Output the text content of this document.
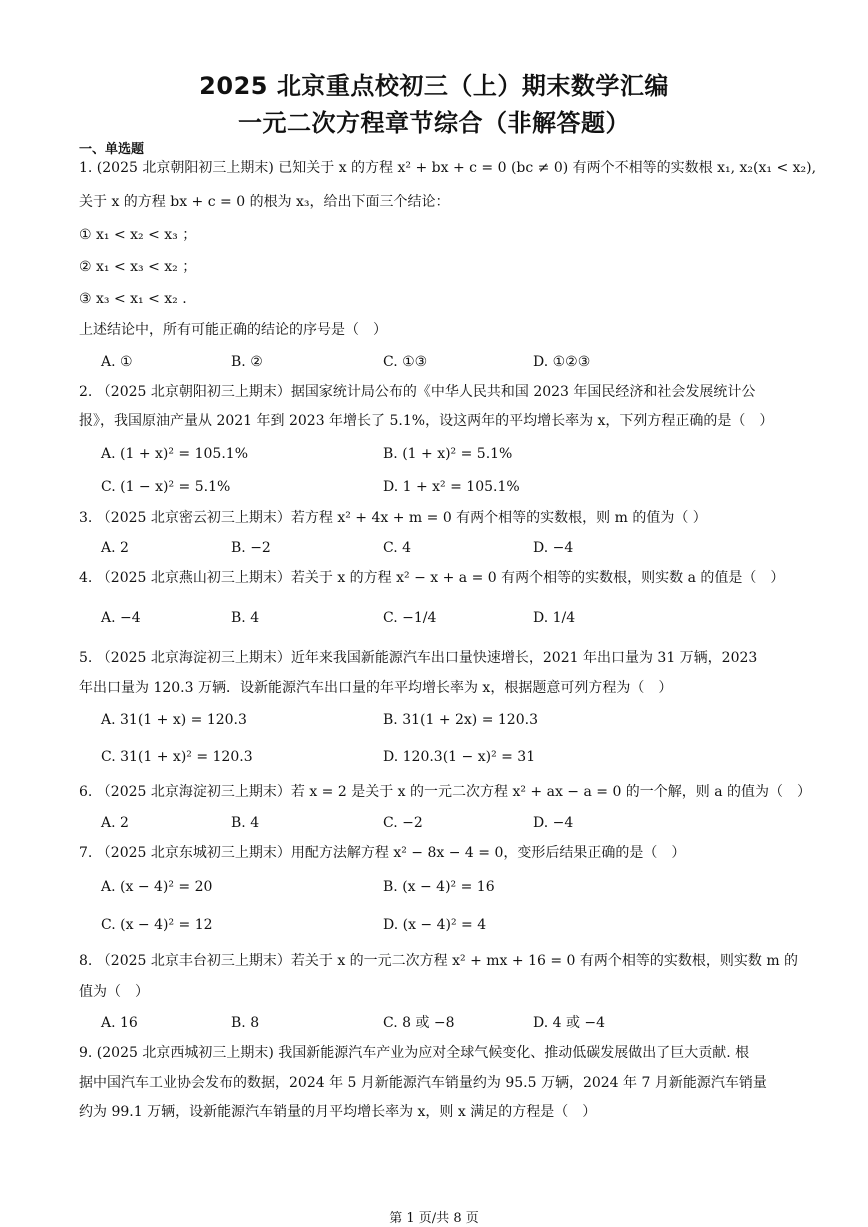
2025 北京重点校初三（上）期末数学汇编
一元二次方程章节综合（非解答题）
一、单选题
1. (2025 北京朝阳初三上期末) 已知关于 x 的方程 x² + bx + c = 0 (bc ≠ 0) 有两个不相等的实数根 x₁, x₂(x₁ < x₂),
关于 x 的方程 bx + c = 0 的根为 x₃，给出下面三个结论：
① x₁ < x₂ < x₃ ；
② x₁ < x₃ < x₂ ；
③ x₃ < x₁ < x₂ .
上述结论中，所有可能正确的结论的序号是（　）
A. ①	B. ②	C. ①③	D. ①②③
2. （2025 北京朝阳初三上期末）据国家统计局公布的《中华人民共和国 2023 年国民经济和社会发展统计公
报》，我国原油产量从 2021 年到 2023 年增长了 5.1%，设这两年的平均增长率为 x，下列方程正确的是（　）
A. (1 + x)² = 105.1%	B. (1 + x)² = 5.1%
C. (1 − x)² = 5.1%	D. 1 + x² = 105.1%
3. （2025 北京密云初三上期末）若方程 x² + 4x + m = 0 有两个相等的实数根，则 m 的值为（ ）
A. 2	B. −2	C. 4	D. −4
4. （2025 北京燕山初三上期末）若关于 x 的方程 x² − x + a = 0 有两个相等的实数根，则实数 a 的值是（　）
A. −4	B. 4	C. −1/4	D. 1/4
5. （2025 北京海淀初三上期末）近年来我国新能源汽车出口量快速增长，2021 年出口量为 31 万辆，2023
年出口量为 120.3 万辆．设新能源汽车出口量的年平均增长率为 x，根据题意可列方程为（　）
A. 31(1 + x) = 120.3	B. 31(1 + 2x) = 120.3
C. 31(1 + x)² = 120.3	D. 120.3(1 − x)² = 31
6. （2025 北京海淀初三上期末）若 x = 2 是关于 x 的一元二次方程 x² + ax − a = 0 的一个解，则 a 的值为（　）
A. 2	B. 4	C. −2	D. −4
7. （2025 北京东城初三上期末）用配方法解方程 x² − 8x − 4 = 0，变形后结果正确的是（　）
A. (x − 4)² = 20	B. (x − 4)² = 16
C. (x − 4)² = 12	D. (x − 4)² = 4
8. （2025 北京丰台初三上期末）若关于 x 的一元二次方程 x² + mx + 16 = 0 有两个相等的实数根，则实数 m 的
值为（　）
A. 16	B. 8	C. 8 或 −8	D. 4 或 −4
9. (2025 北京西城初三上期末) 我国新能源汽车产业为应对全球气候变化、推动低碳发展做出了巨大贡献. 根
据中国汽车工业协会发布的数据，2024 年 5 月新能源汽车销量约为 95.5 万辆，2024 年 7 月新能源汽车销量
约为 99.1 万辆，设新能源汽车销量的月平均增长率为 x，则 x 满足的方程是（　）
第 1 页/共 8 页
